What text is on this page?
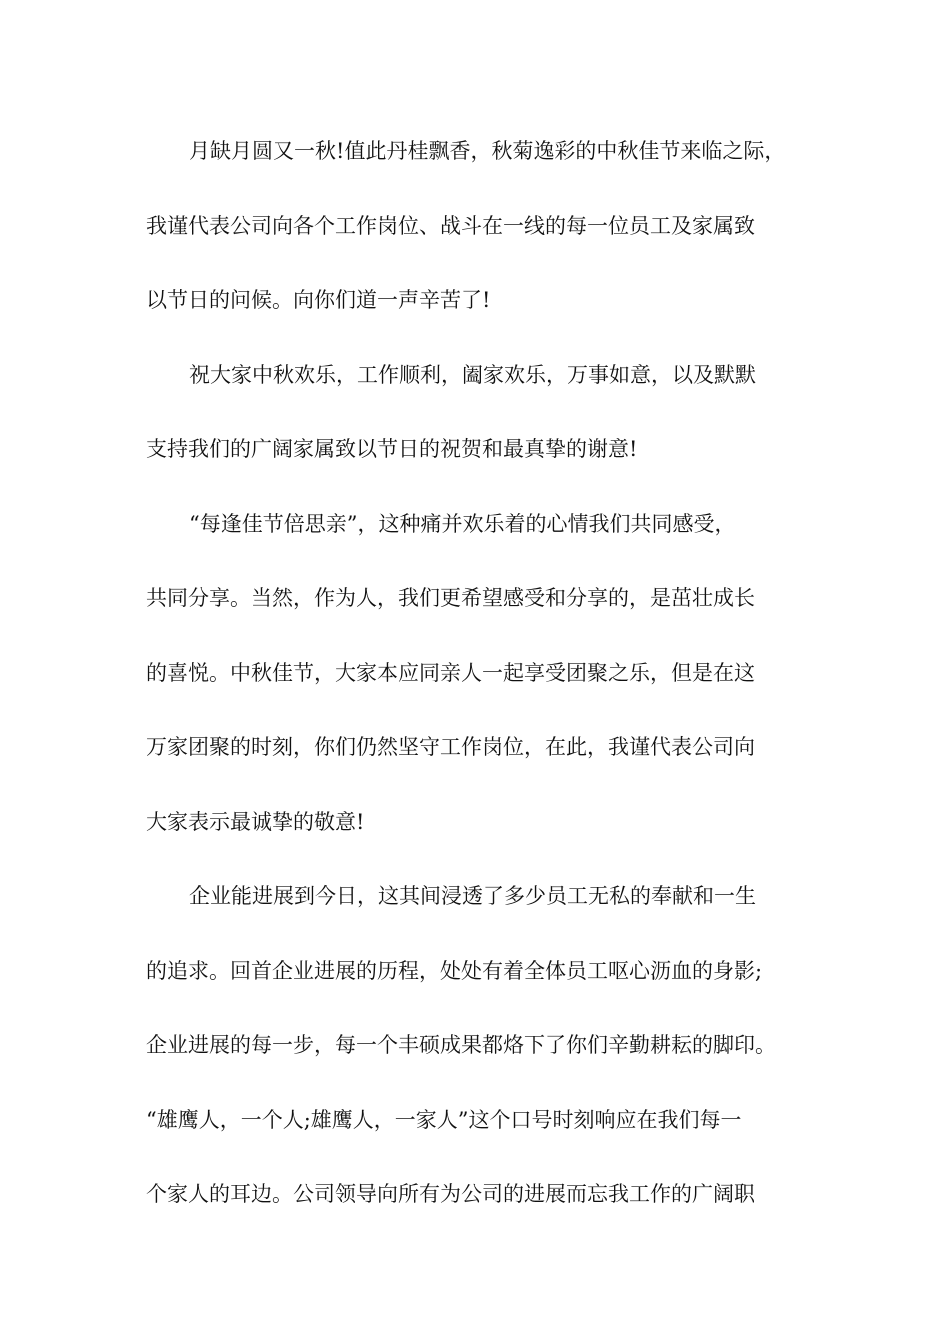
月缺月圆又一秋!值此丹桂飘香，秋菊逸彩的中秋佳节来临之际，
我谨代表公司向各个工作岗位、战斗在一线的每一位员工及家属致
以节日的问候。向你们道一声辛苦了!
祝大家中秋欢乐，工作顺利，阖家欢乐，万事如意，以及默默
支持我们的广阔家属致以节日的祝贺和最真挚的谢意!
“每逢佳节倍思亲”，这种痛并欢乐着的心情我们共同感受，
共同分享。当然，作为人，我们更希望感受和分享的，是茁壮成长
的喜悦。中秋佳节，大家本应同亲人一起享受团聚之乐，但是在这
万家团聚的时刻，你们仍然坚守工作岗位，在此，我谨代表公司向
大家表示最诚挚的敬意!
企业能进展到今日，这其间浸透了多少员工无私的奉献和一生
的追求。回首企业进展的历程，处处有着全体员工呕心沥血的身影;
企业进展的每一步，每一个丰硕成果都烙下了你们辛勤耕耘的脚印。
“雄鹰人，一个人;雄鹰人，一家人”这个口号时刻响应在我们每一
个家人的耳边。公司领导向所有为公司的进展而忘我工作的广阔职
